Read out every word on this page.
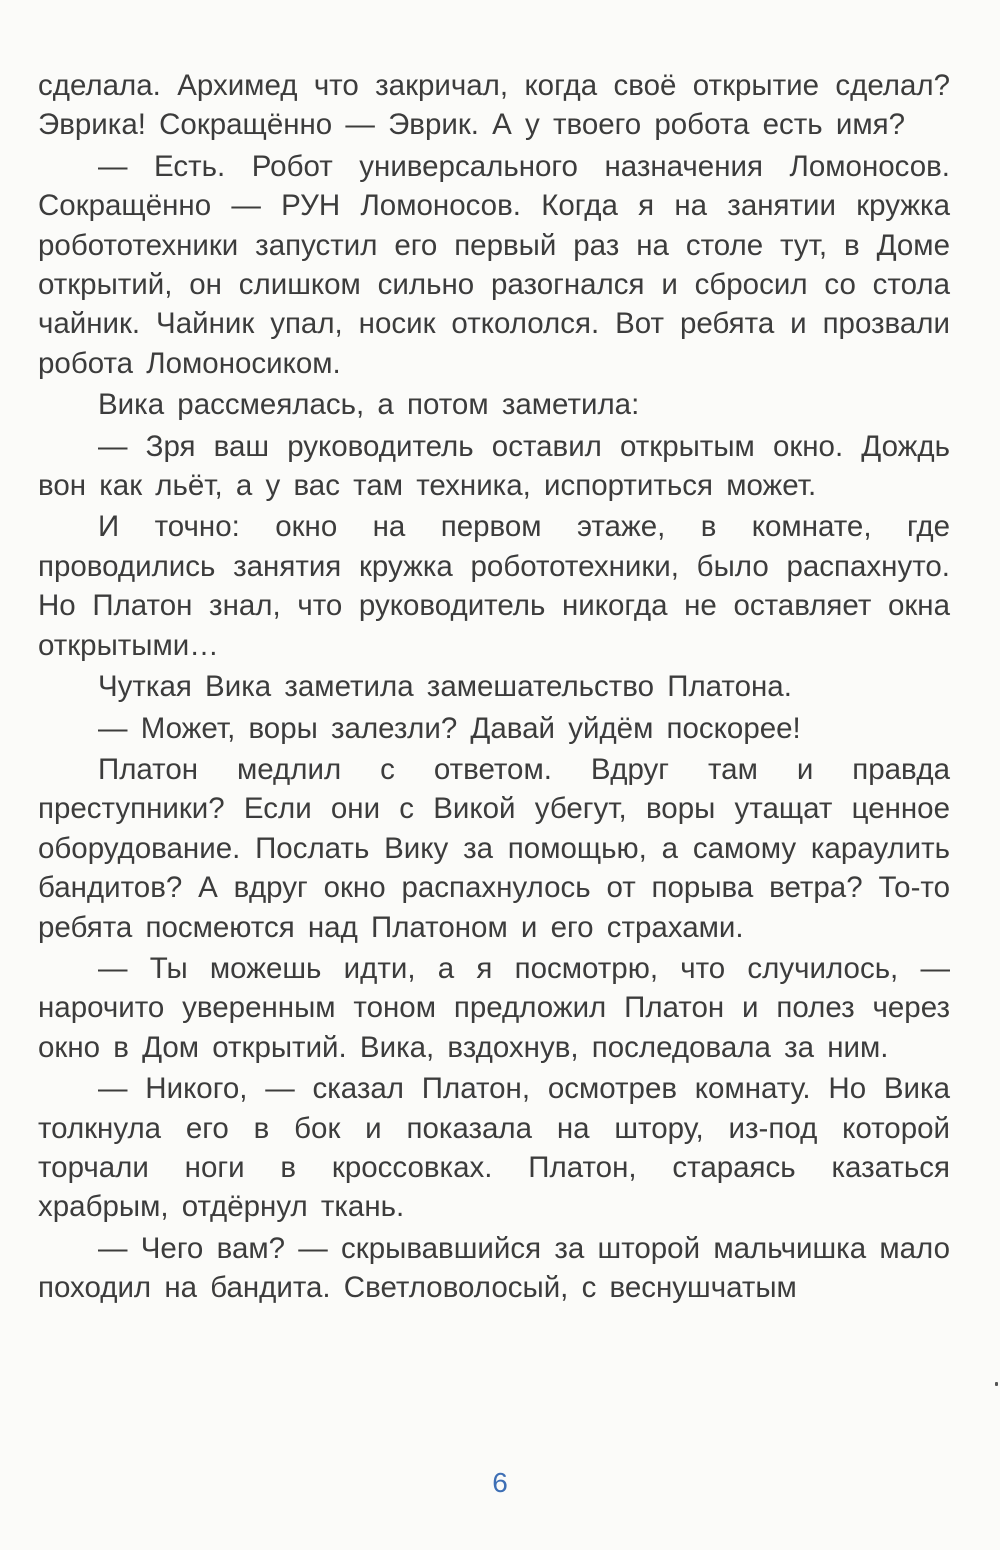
сделала. Архимед что закричал, когда своё открытие сделал? Эврика! Сокращённо — Эврик. А у твоего робота есть имя?

— Есть. Робот универсального назначения Ломоносов. Сокращённо — РУН Ломоносов. Когда я на занятии кружка робототехники запустил его первый раз на столе тут, в Доме открытий, он слишком сильно разогнался и сбросил со стола чайник. Чайник упал, носик откололся. Вот ребята и прозвали робота Ломоносиком.

Вика рассмеялась, а потом заметила:

— Зря ваш руководитель оставил открытым окно. Дождь вон как льёт, а у вас там техника, испортиться может.

И точно: окно на первом этаже, в комнате, где проводились занятия кружка робототехники, было распахнуто. Но Платон знал, что руководитель никогда не оставляет окна открытыми…

Чуткая Вика заметила замешательство Платона.

— Может, воры залезли? Давай уйдём поскорее!

Платон медлил с ответом. Вдруг там и правда преступники? Если они с Викой убегут, воры утащат ценное оборудование. Послать Вику за помощью, а самому караулить бандитов? А вдруг окно распахнулось от порыва ветра? То-то ребята посмеются над Платоном и его страхами.

— Ты можешь идти, а я посмотрю, что случилось, — нарочито уверенным тоном предложил Платон и полез через окно в Дом открытий. Вика, вздохнув, последовала за ним.

— Никого, — сказал Платон, осмотрев комнату. Но Вика толкнула его в бок и показала на штору, из-под которой торчали ноги в кроссовках. Платон, стараясь казаться храбрым, отдёрнул ткань.

— Чего вам? — скрывавшийся за шторой мальчишка мало походил на бандита. Светловолосый, с веснушчатым

6
